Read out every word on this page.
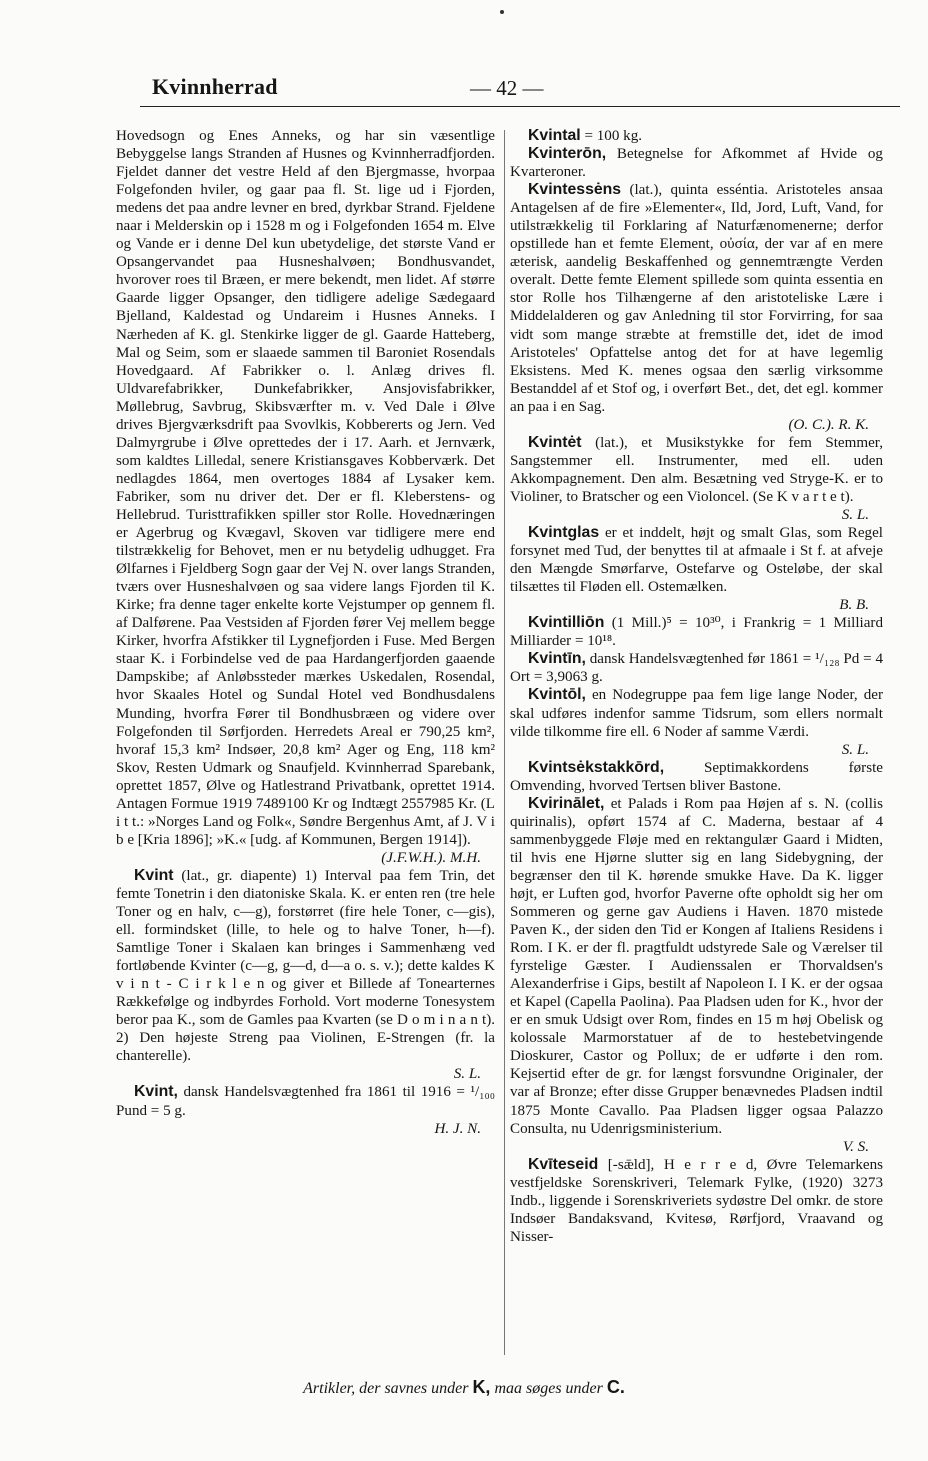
Kvinnherrad	— 42 —

Hovedsogn og Enes Anneks, og har sin væsentlige Bebyggelse langs Stranden af Husnes og Kvinnherradfjorden. Fjeldet danner det vestre Held af den Bjergmasse, hvorpaa Folgefonden hviler, og gaar paa fl. St. lige ud i Fjorden, medens det paa andre levner en bred, dyrkbar Strand. Fjeldene naar i Melderskin op i 1528 m og i Folgefonden 1654 m. Elve og Vande er i denne Del kun ubetydelige, det største Vand er Opsangervandet paa Husneshalvøen; Bondhusvandet, hvorover roes til Bræen, er mere bekendt, men lidet. Af større Gaarde ligger Opsanger, den tidligere adelige Sædegaard Bjelland, Kaldestad og Undareim i Husnes Anneks. I Nærheden af K. gl. Stenkirke ligger de gl. Gaarde Hatteberg, Mal og Seim, som er slaaede sammen til Baroniet Rosendals Hovedgaard. Af Fabrikker o. l. Anlæg drives fl. Uldvarefabrikker, Dunkefabrikker, Ansjovisfabrikker, Møllebrug, Savbrug, Skibsværfter m. v. Ved Dale i Ølve drives Bjergværksdrift paa Svovlkis, Kobbererts og Jern. Ved Dalmyrgrube i Ølve oprettedes der i 17. Aarh. et Jernværk, som kaldtes Lilledal, senere Kristiansgaves Kobberværk. Det nedlagdes 1864, men overtoges 1884 af Lysaker kem. Fabriker, som nu driver det. Der er fl. Kleberstens- og Hellebrud. Turisttrafikken spiller stor Rolle. Hovednæringen er Agerbrug og Kvægavl, Skoven var tidligere mere end tilstrækkelig for Behovet, men er nu betydelig udhugget. Fra Ølfarnes i Fjeldberg Sogn gaar der Vej N. over langs Stranden, tværs over Husneshalvøen og saa videre langs Fjorden til K. Kirke; fra denne tager enkelte korte Vejstumper op gennem fl. af Dalførene. Paa Vestsiden af Fjorden fører Vej mellem begge Kirker, hvorfra Afstikker til Lygnefjorden i Fuse. Med Bergen staar K. i Forbindelse ved de paa Hardangerfjorden gaaende Dampskibe; af Anløbssteder mærkes Uskedalen, Rosendal, hvor Skaales Hotel og Sundal Hotel ved Bondhusdalens Munding, hvorfra Fører til Bondhusbræen og videre over Folgefonden til Sørfjorden. Herredets Areal er 790,25 km², hvoraf 15,3 km² Indsøer, 20,8 km² Ager og Eng, 118 km² Skov, Resten Udmark og Snaufjeld. Kvinnherrad Sparebank, oprettet 1857, Ølve og Hatlestrand Privatbank, oprettet 1914. Antagen Formue 1919 7489100 Kr og Indtægt 2557985 Kr. (L i t t.: »Norges Land og Folk«, Søndre Bergenhus Amt, af J. V i b e [Kria 1896]; »K.« [udg. af Kommunen, Bergen 1914]).
(J.F.W.H.). M.H.

Kvint (lat., gr. diapente) 1) Interval paa fem Trin, det femte Tonetrin i den diatoniske Skala. K. er enten ren (tre hele Toner og en halv, c—g), forstørret (fire hele Toner, c—gis), ell. formindsket (lille, to hele og to halve Toner, h—f). Samtlige Toner i Skalaen kan bringes i Sammenhæng ved fortløbende Kvinter (c—g, g—d, d—a o. s. v.); dette kaldes K v i n t - C i r k l e n og giver et Billede af Tonearternes Rækkefølge og indbyrdes Forhold. Vort moderne Tonesystem beror paa K., som de Gamles paa Kvarten (se D o m i n a n t). 2) Den højeste Streng paa Violinen, E-Strengen (fr. la chanterelle).
S. L.

Kvint, dansk Handelsvægtenhed fra 1861 til 1916 = ¹/₁₀₀ Pund = 5 g.
H. J. N.

Kvintal = 100 kg.

Kvinterōn, Betegnelse for Afkommet af Hvide og Kvarteroner.

Kvintessėns (lat.), quinta esséntia. Aristoteles ansaa Antagelsen af de fire »Elementer«, Ild, Jord, Luft, Vand, for utilstrækkelig til Forklaring af Naturfænomenerne; derfor opstillede han et femte Element, οὐσία, der var af en mere æterisk, aandelig Beskaffenhed og gennemtrængte Verden overalt. Dette femte Element spillede som quinta essentia en stor Rolle hos Tilhængerne af den aristoteliske Lære i Middelalderen og gav Anledning til stor Forvirring, for saa vidt som mange stræbte at fremstille det, idet de imod Aristoteles' Opfattelse antog det for at have legemlig Eksistens. Med K. menes ogsaa den særlig virksomme Bestanddel af et Stof og, i overført Bet., det, det egl. kommer an paa i en Sag.
(O. C.). R. K.

Kvintėt (lat.), et Musikstykke for fem Stemmer, Sangstemmer ell. Instrumenter, med ell. uden Akkompagnement. Den alm. Besætning ved Stryge-K. er to Violiner, to Bratscher og een Violoncel. (Se K v a r t e t).
S. L.

Kvintglas er et inddelt, højt og smalt Glas, som Regel forsynet med Tud, der benyttes til at afmaale i St f. at afveje den Mængde Smørfarve, Ostefarve og Osteløbe, der skal tilsættes til Fløden ell. Ostemælken.
B. B.

Kvintilliōn (1 Mill.)⁵ = 10³⁰, i Frankrig = 1 Milliard Milliarder = 10¹⁸.

Kvintīn, dansk Handelsvægtenhed før 1861 = ¹/₁₂₈ Pd = 4 Ort = 3,9063 g.

Kvintōl, en Nodegruppe paa fem lige lange Noder, der skal udføres indenfor samme Tidsrum, som ellers normalt vilde tilkomme fire ell. 6 Noder af samme Værdi.
S. L.

Kvintsėkstakkōrd,	Septimakkordens første Omvending, hvorved Tertsen bliver Bastone.

Kvirinālet, et Palads i Rom paa Højen af s. N. (collis quirinalis), opført 1574 af C. Maderna, bestaar af 4 sammenbyggede Fløje med en rektangulær Gaard i Midten, til hvis ene Hjørne slutter sig en lang Sidebygning, der begrænser den til K. hørende smukke Have. Da K. ligger højt, er Luften god, hvorfor Paverne ofte opholdt sig her om Sommeren og gerne gav Audiens i Haven. 1870 mistede Paven K., der siden den Tid er Kongen af Italiens Residens i Rom. I K. er der fl. pragtfuldt udstyrede Sale og Værelser til fyrstelige Gæster. I Audienssalen er Thorvaldsen's Alexanderfrise i Gips, bestilt af Napoleon I. I K. er der ogsaa et Kapel (Capella Paolina). Paa Pladsen uden for K., hvor der er en smuk Udsigt over Rom, findes en 15 m høj Obelisk og kolossale Marmorstatuer af de to hestebetvingende Dioskurer, Castor og Pollux; de er udførte i den rom. Kejsertid efter de gr. for længst forsvundne Originaler, der var af Bronze; efter disse Grupper benævnedes Pladsen indtil 1875 Monte Cavallo. Paa Pladsen ligger ogsaa Palazzo Consulta, nu Udenrigsministerium.
V. S.

Kvīteseid [-sǣld], H e r r e d, Øvre Telemarkens vestfjeldske Sorenskriveri, Telemark Fylke, (1920) 3273 Indb., liggende i Sorenskriveriets sydøstre Del omkr. de store Indsøer Bandaksvand, Kvitesø, Rørfjord, Vraavand og Nisser-

Artikler, der savnes under K, maa søges under C.
